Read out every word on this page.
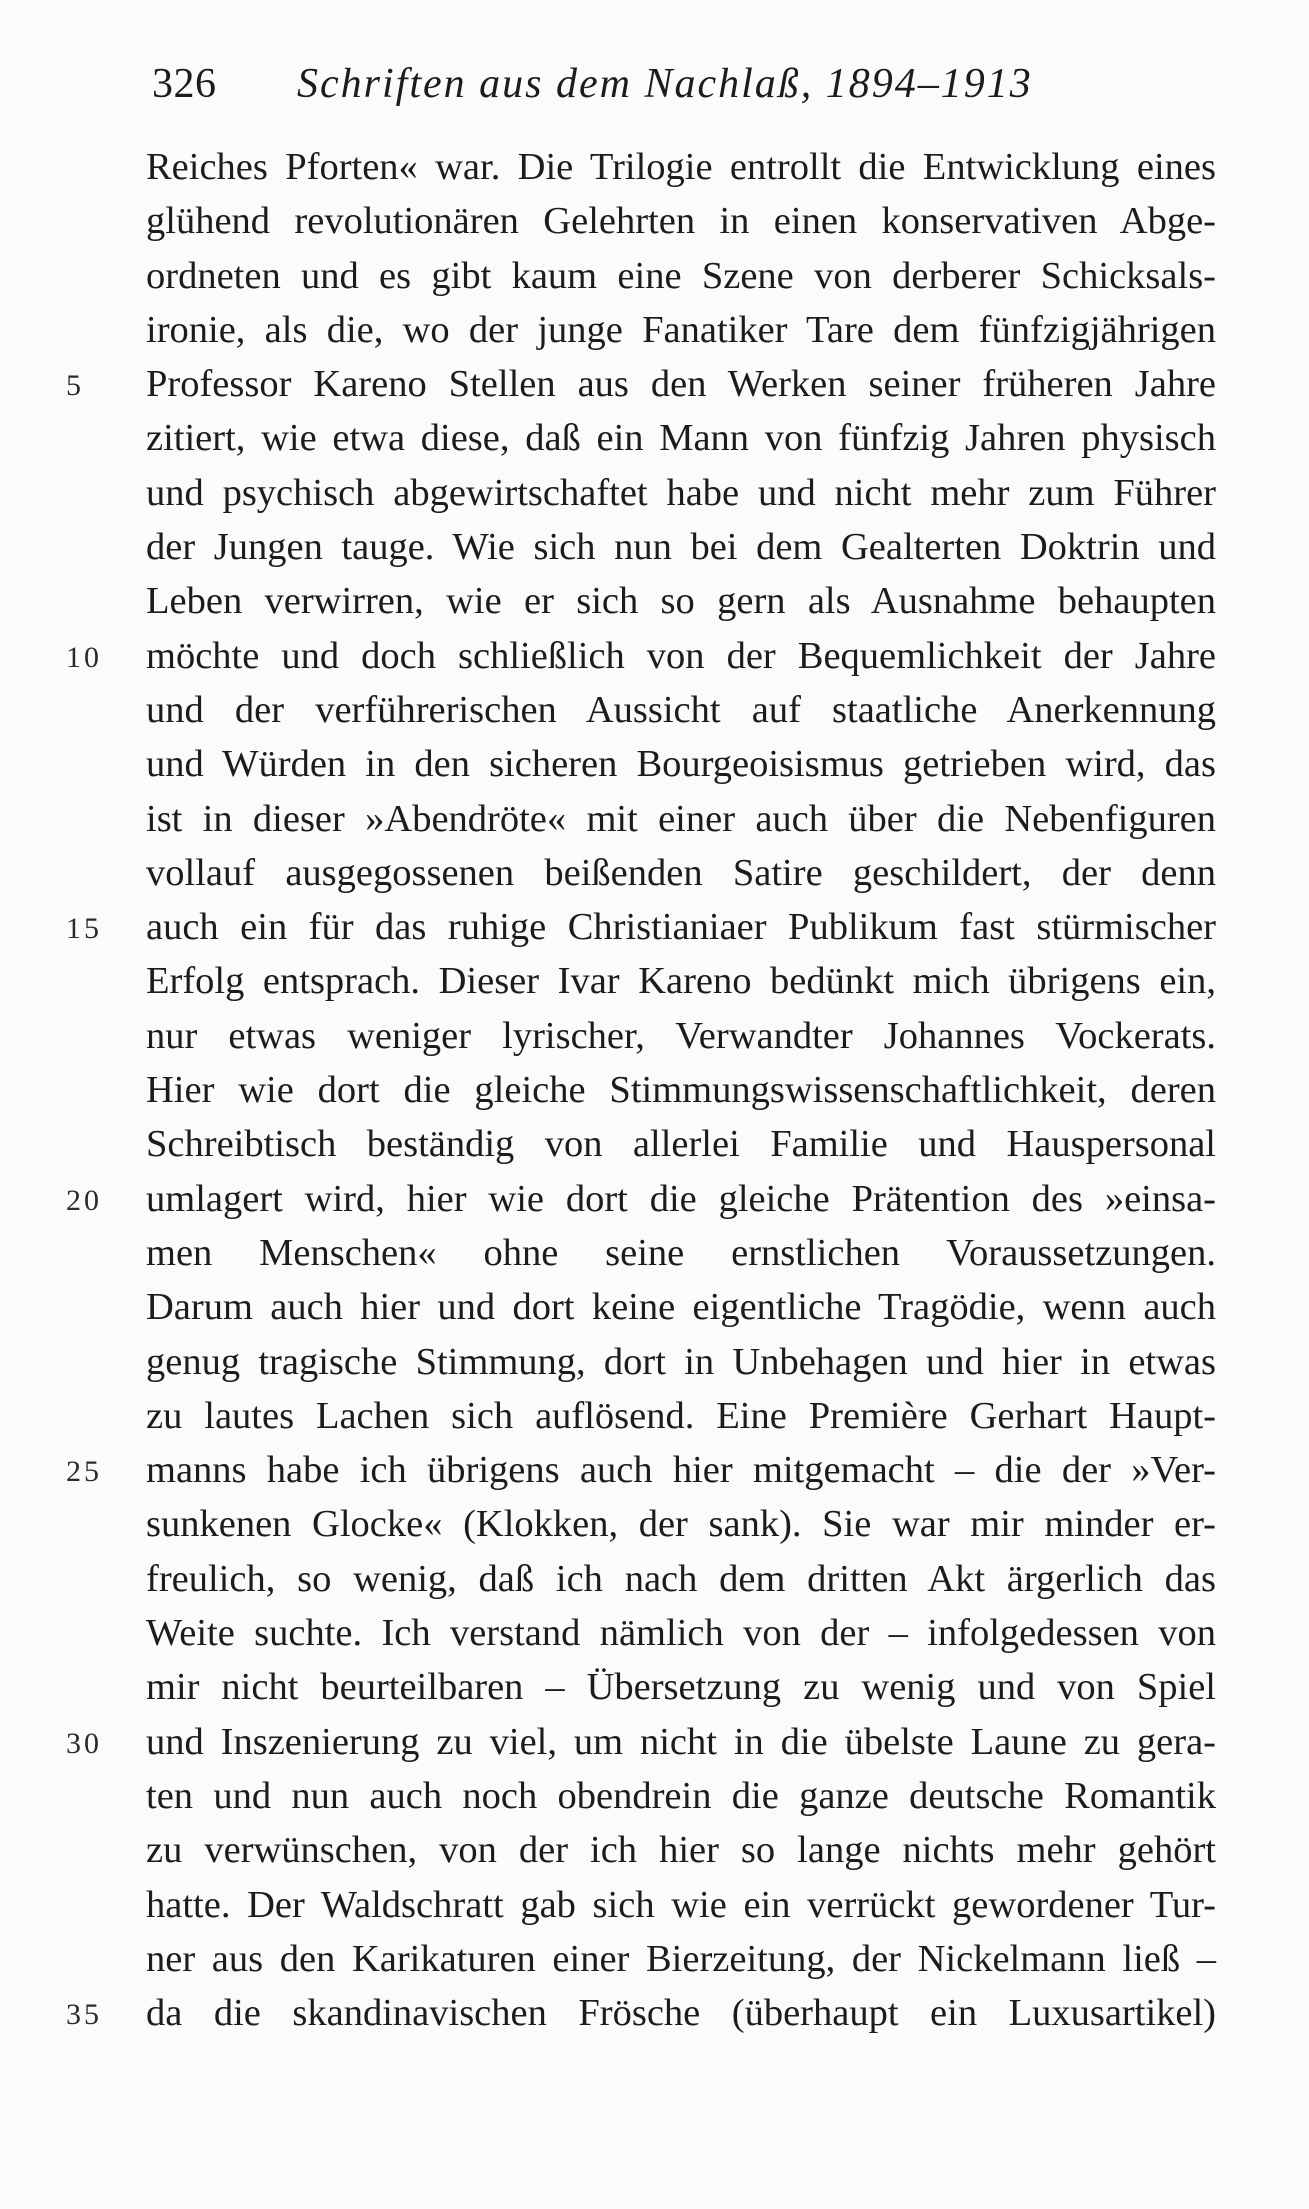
326 Schriften aus dem Nachlaß, 1894–1913
Reiches Pforten« war. Die Trilogie entrollt die Entwicklung eines
glühend revolutionären Gelehrten in einen konservativen Abge-
ordneten und es gibt kaum eine Szene von derberer Schicksals-
ironie, als die, wo der junge Fanatiker Tare dem fünfzigjährigen
5	Professor Kareno Stellen aus den Werken seiner früheren Jahre
zitiert, wie etwa diese, daß ein Mann von fünfzig Jahren physisch
und psychisch abgewirtschaftet habe und nicht mehr zum Führer
der Jungen tauge. Wie sich nun bei dem Gealterten Doktrin und
Leben verwirren, wie er sich so gern als Ausnahme behaupten
10 möchte und doch schließlich von der Bequemlichkeit der Jahre
und der verführerischen Aussicht auf staatliche Anerkennung
und Würden in den sicheren Bourgeoisismus getrieben wird, das
ist in dieser »Abendröte« mit einer auch über die Nebenfiguren
vollauf ausgegossenen beißenden Satire geschildert, der denn
15 auch ein für das ruhige Christianiaer Publikum fast stürmischer
Erfolg entsprach. Dieser Ivar Kareno bedünkt mich übrigens ein,
nur etwas weniger lyrischer, Verwandter Johannes Vockerats.
Hier wie dort die gleiche Stimmungswissenschaftlichkeit, deren
Schreibtisch beständig von allerlei Familie und Hauspersonal
20 umlagert wird, hier wie dort die gleiche Prätention des »einsa-
men Menschen« ohne seine ernstlichen Voraussetzungen.
Darum auch hier und dort keine eigentliche Tragödie, wenn auch
genug tragische Stimmung, dort in Unbehagen und hier in etwas
zu lautes Lachen sich auflösend. Eine Première Gerhart Haupt-
25 manns habe ich übrigens auch hier mitgemacht – die der »Ver-
sunkenen Glocke« (Klokken, der sank). Sie war mir minder er-
freulich, so wenig, daß ich nach dem dritten Akt ärgerlich das
Weite suchte. Ich verstand nämlich von der – infolgedessen von
mir nicht beurteilbaren – Übersetzung zu wenig und von Spiel
30 und Inszenierung zu viel, um nicht in die übelste Laune zu gera-
ten und nun auch noch obendrein die ganze deutsche Romantik
zu verwünschen, von der ich hier so lange nichts mehr gehört
hatte. Der Waldschratt gab sich wie ein verrückt gewordener Tur-
ner aus den Karikaturen einer Bierzeitung, der Nickelmann ließ –
35 da die skandinavischen Frösche (überhaupt ein Luxusartikel)
